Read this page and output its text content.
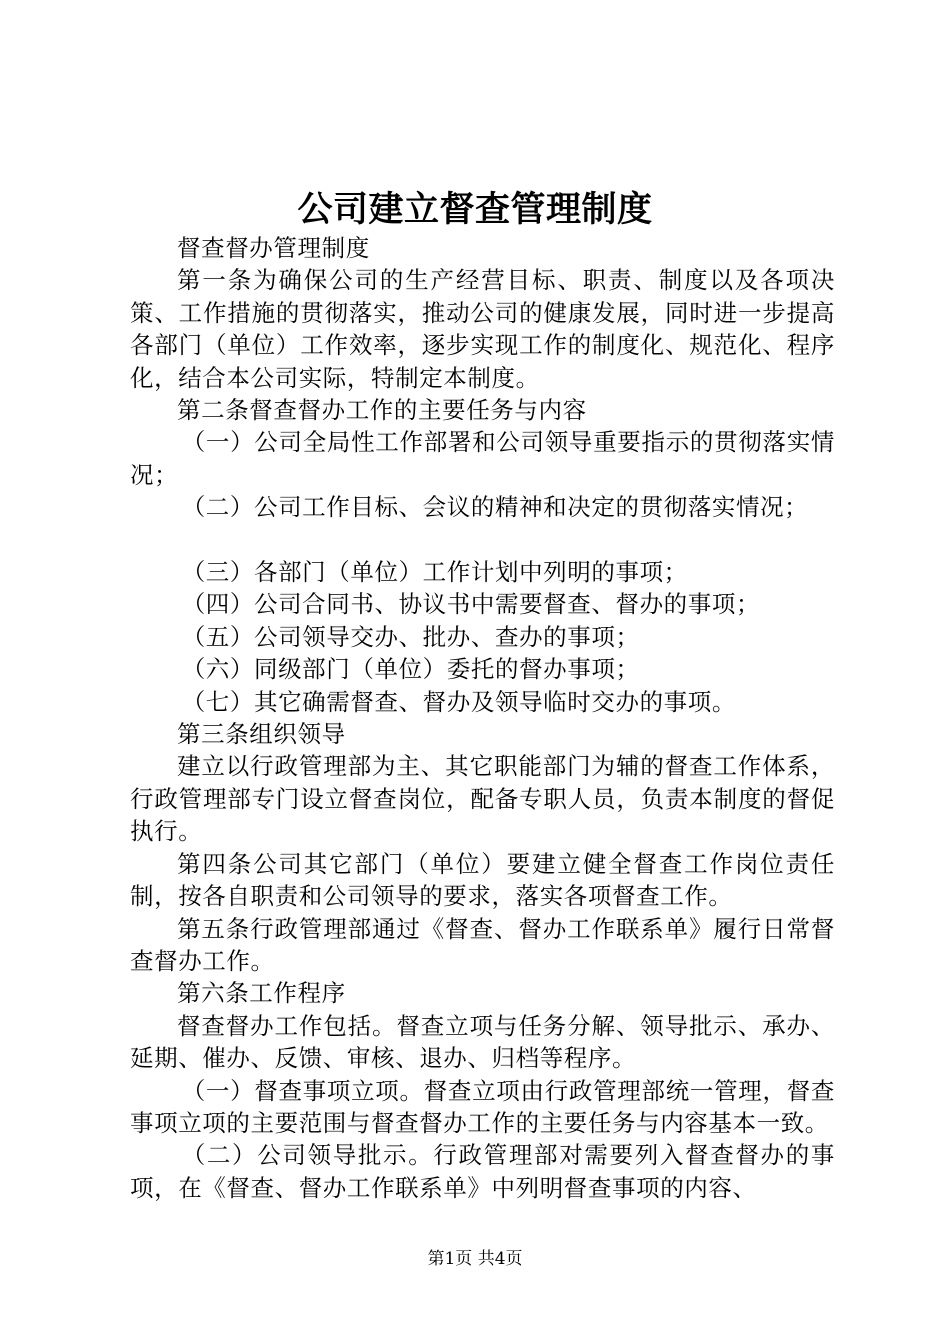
公司建立督查管理制度

督查督办管理制度

第一条为确保公司的生产经营目标、职责、制度以及各项决策、工作措施的贯彻落实，推动公司的健康发展，同时进一步提高各部门（单位）工作效率，逐步实现工作的制度化、规范化、程序化，结合本公司实际，特制定本制度。

第二条督查督办工作的主要任务与内容

（一）公司全局性工作部署和公司领导重要指示的贯彻落实情况；

（二）公司工作目标、会议的精神和决定的贯彻落实情况；

（三）各部门（单位）工作计划中列明的事项；

（四）公司合同书、协议书中需要督查、督办的事项；

（五）公司领导交办、批办、查办的事项；

（六）同级部门（单位）委托的督办事项；

（七）其它确需督查、督办及领导临时交办的事项。

第三条组织领导

建立以行政管理部为主、其它职能部门为辅的督查工作体系，行政管理部专门设立督查岗位，配备专职人员，负责本制度的督促执行。

第四条公司其它部门（单位）要建立健全督查工作岗位责任制，按各自职责和公司领导的要求，落实各项督查工作。

第五条行政管理部通过《督查、督办工作联系单》履行日常督查督办工作。

第六条工作程序

督查督办工作包括。督查立项与任务分解、领导批示、承办、延期、催办、反馈、审核、退办、归档等程序。

（一）督查事项立项。督查立项由行政管理部统一管理，督查事项立项的主要范围与督查督办工作的主要任务与内容基本一致。

（二）公司领导批示。行政管理部对需要列入督查督办的事项，在《督查、督办工作联系单》中列明督查事项的内容、

第1页 共4页
